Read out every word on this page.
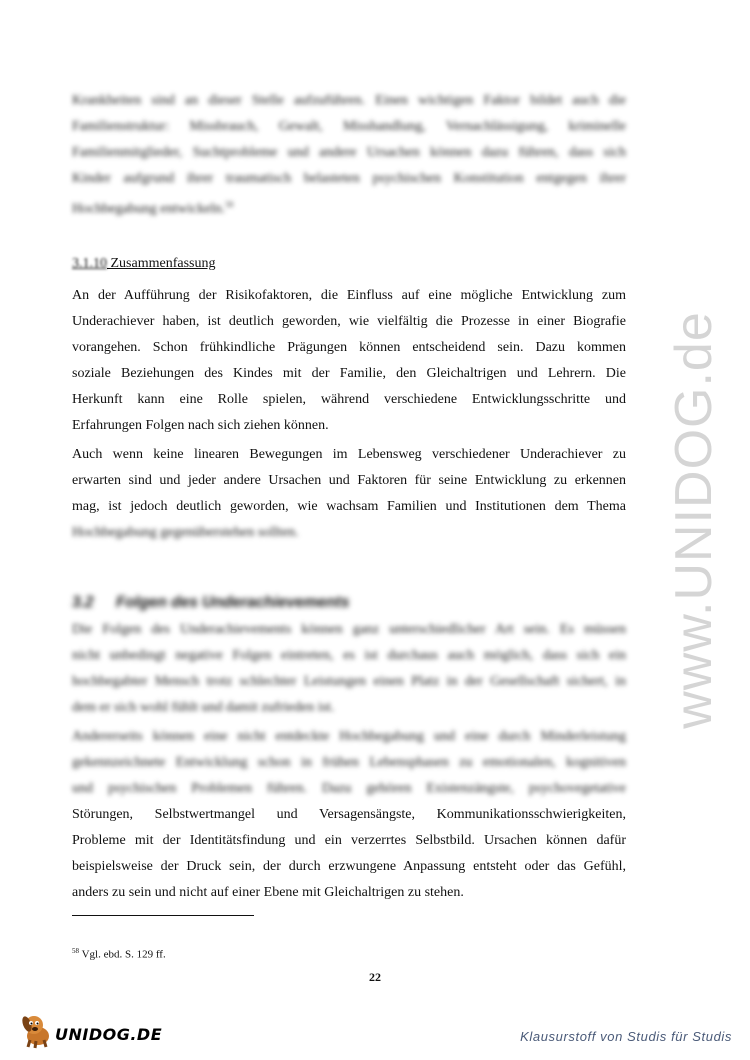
Krankheiten sind an dieser Stelle aufzuführen. Einen wichtigen Faktor bildet auch die
Familienstruktur: Missbrauch, Gewalt, Misshandlung, Vernachlässigung, kriminelle
Familienmitglieder, Suchtprobleme und andere Ursachen können dazu führen, dass sich
Kinder aufgrund ihrer traumatisch belasteten psychischen Konstitution entgegen ihrer
Hochbegabung entwickeln.$^{58}$
3.1.10 Zusammenfassung
An der Aufführung der Risikofaktoren, die Einfluss auf eine mögliche Entwicklung zum
Underachiever haben, ist deutlich geworden, wie vielfältig die Prozesse in einer Biografie
vorangehen. Schon frühkindliche Prägungen können entscheidend sein. Dazu kommen
soziale Beziehungen des Kindes mit der Familie, den Gleichaltrigen und Lehrern. Die
Herkunft kann eine Rolle spielen, während verschiedene Entwicklungsschritte und
Erfahrungen Folgen nach sich ziehen können.
Auch wenn keine linearen Bewegungen im Lebensweg verschiedener Underachiever zu
erwarten sind und jeder andere Ursachen und Faktoren für seine Entwicklung zu erkennen
mag, ist jedoch deutlich geworden, wie wachsam Familien und Institutionen dem Thema
Hochbegabung gegenüberstehen sollten.
3.2 Folgen des Underachievements
Die Folgen des Underachievements können ganz unterschiedlicher Art sein. Es müssen
nicht unbedingt negative Folgen eintreten, es ist durchaus auch möglich, dass sich ein
hochbegabter Mensch trotz schlechter Leistungen einen Platz in der Gesellschaft sichert, in
dem er sich wohl fühlt und damit zufrieden ist.
Andererseits können eine nicht entdeckte Hochbegabung und eine durch Minderleistung
gekennzeichnete Entwicklung schon in frühen Lebensphasen zu emotionalen, kognitiven
und psychischen Problemen führen. Dazu gehören Existenzängste, psychovegetative
Störungen, Selbstwertmangel und Versagensängste, Kommunikationsschwierigkeiten,
Probleme mit der Identitätsfindung und ein verzerrtes Selbstbild. Ursachen können dafür
beispielsweise der Druck sein, der durch erzwungene Anpassung entsteht oder das Gefühl,
anders zu sein und nicht auf einer Ebene mit Gleichaltrigen zu stehen.
$^{58}$ Vgl. ebd. S. 129 ff.
22
www.UNIDOG.de
UNIDOG.DE	Klausurstoff von Studis für Studis
